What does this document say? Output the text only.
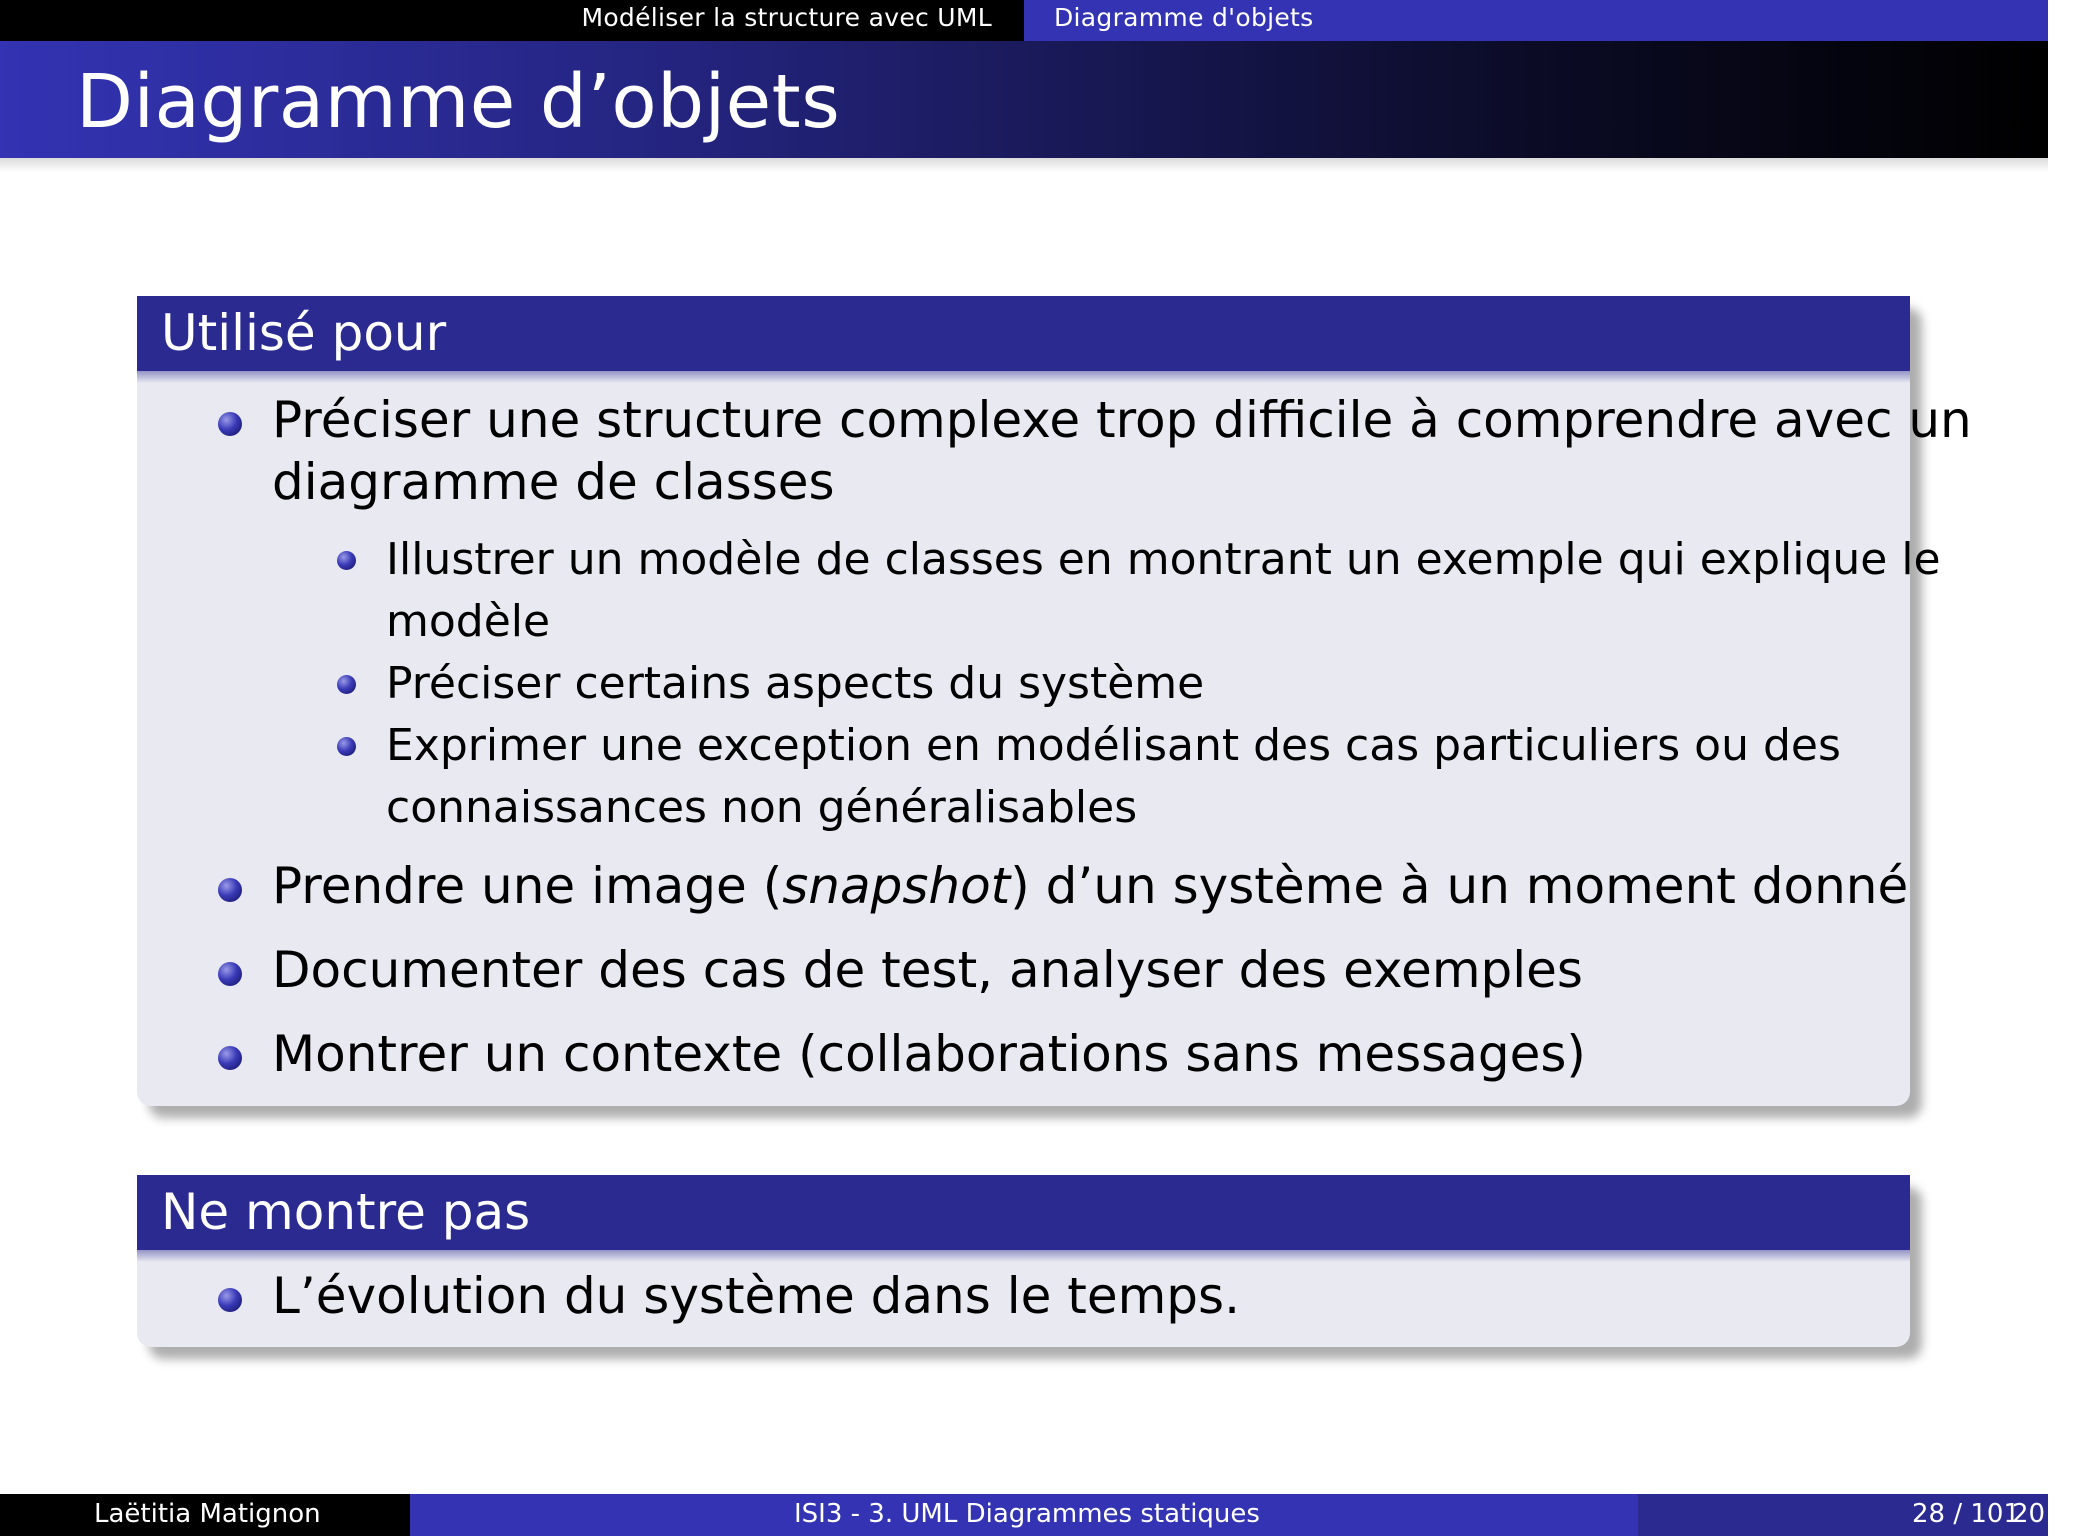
Modéliser la structure avec UML Diagramme d'objets
Diagramme d’objets
Utilisé pour
Préciser une structure complexe trop difficile à comprendre avec un
diagramme de classes
Illustrer un modèle de classes en montrant un exemple qui explique le
modèle
Préciser certains aspects du système
Exprimer une exception en modélisant des cas particuliers ou des
connaissances non généralisables
Prendre une image (snapshot) d’un système à un moment donné
Documenter des cas de test, analyser des exemples
Montrer un contexte (collaborations sans messages)
Ne montre pas
L’évolution du système dans le temps.
Laëtitia Matignon	ISI3 - 3. UML Diagrammes statiques	2012
28 / 101
